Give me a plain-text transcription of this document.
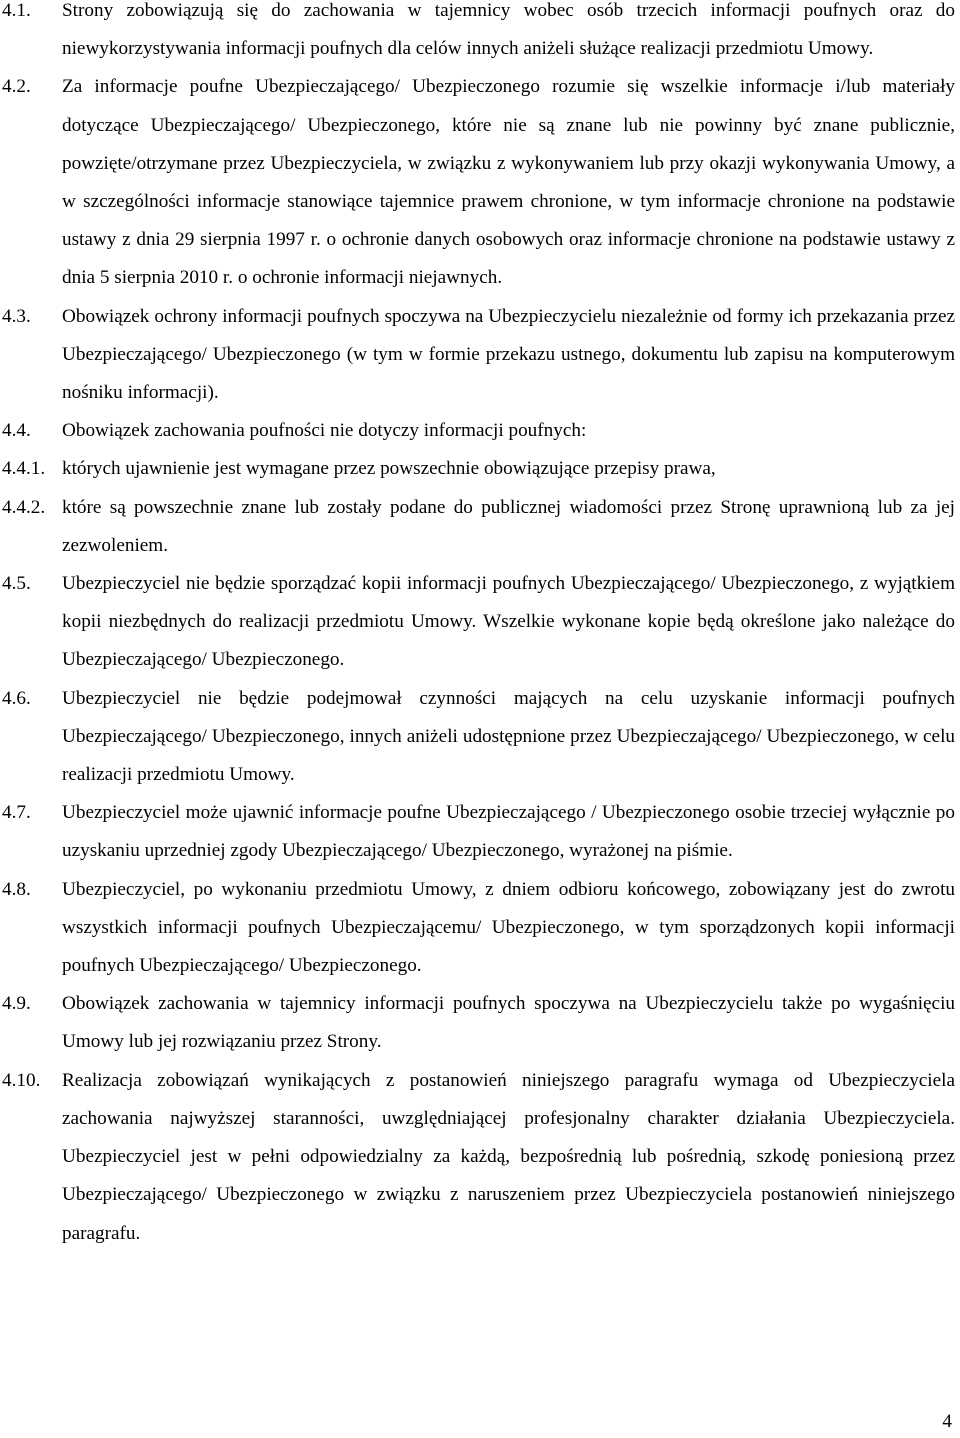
4.1.	Strony zobowiązują się do zachowania w tajemnicy wobec osób trzecich informacji poufnych oraz do niewykorzystywania informacji poufnych dla celów innych aniżeli służące realizacji przedmiotu Umowy.
4.2.	Za informacje poufne Ubezpieczającego/ Ubezpieczonego rozumie się wszelkie informacje i/lub materiały dotyczące Ubezpieczającego/ Ubezpieczonego, które nie są znane lub nie powinny być znane publicznie, powzięte/otrzymane przez Ubezpieczyciela, w związku z wykonywaniem lub przy okazji wykonywania Umowy, a w szczególności informacje stanowiące tajemnice prawem chronione, w tym informacje chronione na podstawie ustawy z dnia 29 sierpnia 1997 r. o ochronie danych osobowych oraz informacje chronione na podstawie ustawy z dnia 5 sierpnia 2010 r. o ochronie informacji niejawnych.
4.3.	Obowiązek ochrony informacji poufnych spoczywa na Ubezpieczycielu niezależnie od formy ich przekazania przez Ubezpieczającego/ Ubezpieczonego (w tym w formie przekazu ustnego, dokumentu lub zapisu na komputerowym nośniku informacji).
4.4.	Obowiązek zachowania poufności nie dotyczy informacji poufnych:
4.4.1. których ujawnienie jest wymagane przez powszechnie obowiązujące przepisy prawa,
4.4.2. które są powszechnie znane lub zostały podane do publicznej wiadomości przez Stronę uprawnioną lub za jej zezwoleniem.
4.5.	Ubezpieczyciel nie będzie sporządzać kopii informacji poufnych Ubezpieczającego/ Ubezpieczonego, z wyjątkiem kopii niezbędnych do realizacji przedmiotu Umowy. Wszelkie wykonane kopie będą określone jako należące do Ubezpieczającego/ Ubezpieczonego.
4.6.	Ubezpieczyciel nie będzie podejmował czynności mających na celu uzyskanie informacji poufnych Ubezpieczającego/ Ubezpieczonego, innych aniżeli udostępnione przez Ubezpieczającego/ Ubezpieczonego, w celu realizacji przedmiotu Umowy.
4.7.	Ubezpieczyciel może ujawnić informacje poufne Ubezpieczającego / Ubezpieczonego osobie trzeciej wyłącznie po uzyskaniu uprzedniej zgody Ubezpieczającego/ Ubezpieczonego, wyrażonej na piśmie.
4.8.	Ubezpieczyciel, po wykonaniu przedmiotu Umowy, z dniem odbioru końcowego, zobowiązany jest do zwrotu wszystkich informacji poufnych Ubezpieczającemu/ Ubezpieczonego, w tym sporządzonych kopii informacji poufnych Ubezpieczającego/ Ubezpieczonego.
4.9.	Obowiązek zachowania w tajemnicy informacji poufnych spoczywa na Ubezpieczycielu także po wygaśnięciu Umowy lub jej rozwiązaniu przez Strony.
4.10.	Realizacja zobowiązań wynikających z postanowień niniejszego paragrafu wymaga od Ubezpieczyciela zachowania najwyższej staranności, uwzględniającej profesjonalny charakter działania Ubezpieczyciela. Ubezpieczyciel jest w pełni odpowiedzialny za każdą, bezpośrednią lub pośrednią, szkodę poniesioną przez Ubezpieczającego/ Ubezpieczonego w związku z naruszeniem przez Ubezpieczyciela postanowień niniejszego paragrafu.
4
